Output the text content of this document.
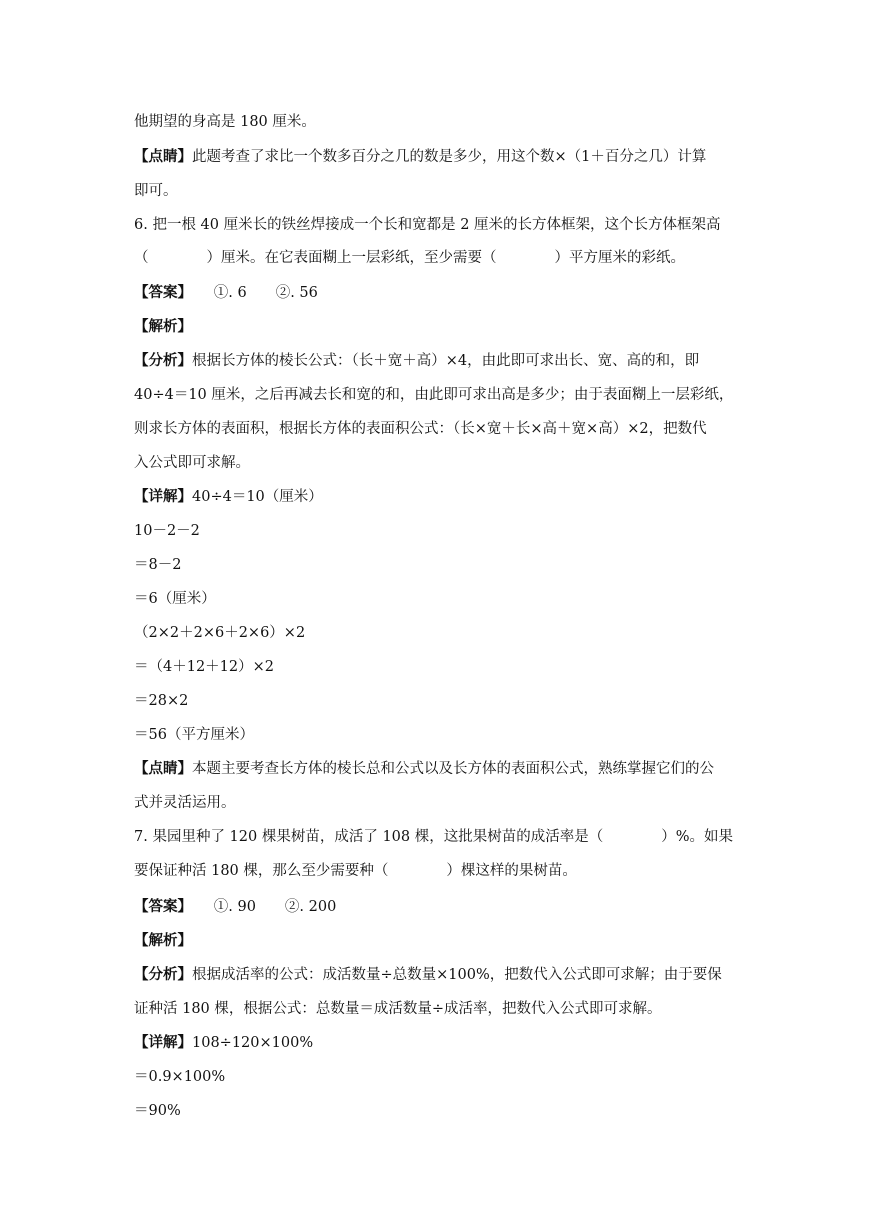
他期望的身高是 180 厘米。
【点睛】此题考查了求比一个数多百分之几的数是多少，用这个数×（1＋百分之几）计算
即可。
6. 把一根 40 厘米长的铁丝焊接成一个长和宽都是 2 厘米的长方体框架，这个长方体框架高
（　　　　）厘米。在它表面糊上一层彩纸，至少需要（　　　　）平方厘米的彩纸。
【答案】　　①. 6　　②. 56
【解析】
【分析】根据长方体的棱长公式：（长＋宽＋高）×4，由此即可求出长、宽、高的和，即
40÷4＝10 厘米，之后再减去长和宽的和，由此即可求出高是多少；由于表面糊上一层彩纸，
则求长方体的表面积，根据长方体的表面积公式：（长×宽＋长×高＋宽×高）×2，把数代
入公式即可求解。
【详解】40÷4＝10（厘米）
10－2－2
＝8－2
＝6（厘米）
（2×2＋2×6＋2×6）×2
＝（4＋12＋12）×2
＝28×2
＝56（平方厘米）
【点睛】本题主要考查长方体的棱长总和公式以及长方体的表面积公式，熟练掌握它们的公
式并灵活运用。
7. 果园里种了 120 棵果树苗，成活了 108 棵，这批果树苗的成活率是（　　　　）%。如果
要保证种活 180 棵，那么至少需要种（　　　　）棵这样的果树苗。
【答案】　　①. 90　　②. 200
【解析】
【分析】根据成活率的公式：成活数量÷总数量×100%，把数代入公式即可求解；由于要保
证种活 180 棵，根据公式：总数量＝成活数量÷成活率，把数代入公式即可求解。
【详解】108÷120×100%
＝0.9×100%
＝90%
